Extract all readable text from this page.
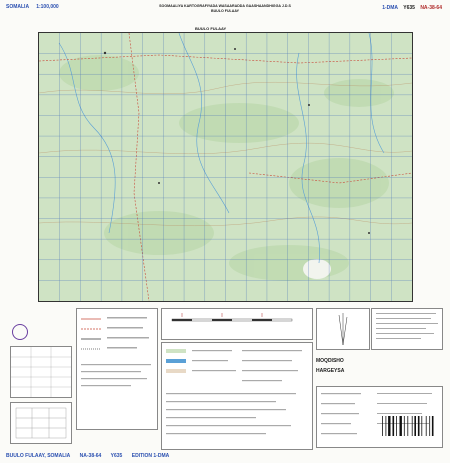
SOMALIA 1:100,000	SOOMAALIYA KARTOGRAFIYADA WASAARADDA GAASHAANDHIGGA J.D.S
BUULO FULAAY	1-DMA Y635 NA-38-64
MOQDISHO
HARGEYSA
BUULO FULAAY, SOMALIA NA-38-64 Y635 EDITION 1-DMA
BUULO FULAAY
